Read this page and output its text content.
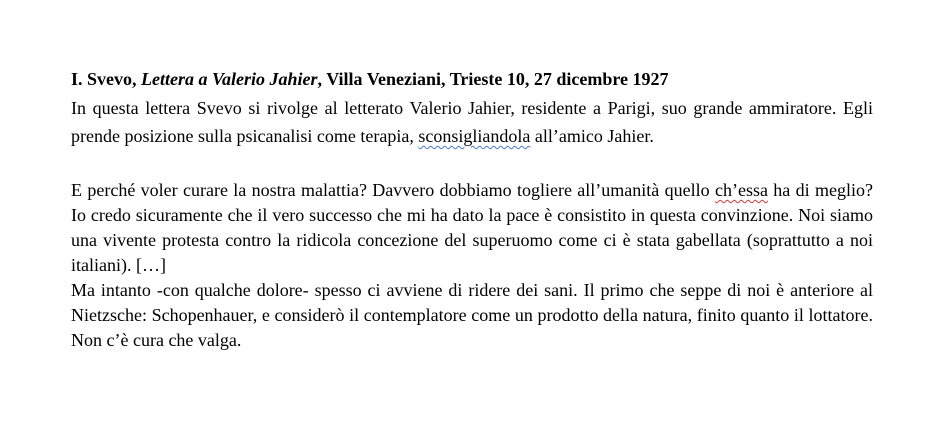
I. Svevo, Lettera a Valerio Jahier, Villa Veneziani, Trieste 10, 27 dicembre 1927

In questa lettera Svevo si rivolge al letterato Valerio Jahier, residente a Parigi, suo grande ammiratore. Egli prende posizione sulla psicanalisi come terapia, sconsigliandola all’amico Jahier.

E perché voler curare la nostra malattia? Davvero dobbiamo togliere all’umanità quello ch’essa ha di meglio? Io credo sicuramente che il vero successo che mi ha dato la pace è consistito in questa convinzione. Noi siamo una vivente protesta contro la ridicola concezione del superuomo come ci è stata gabellata (soprattutto a noi italiani). […]

Ma intanto -con qualche dolore- spesso ci avviene di ridere dei sani. Il primo che seppe di noi è anteriore al Nietzsche: Schopenhauer, e considerò il contemplatore come un prodotto della natura, finito quanto il lottatore. Non c’è cura che valga.
